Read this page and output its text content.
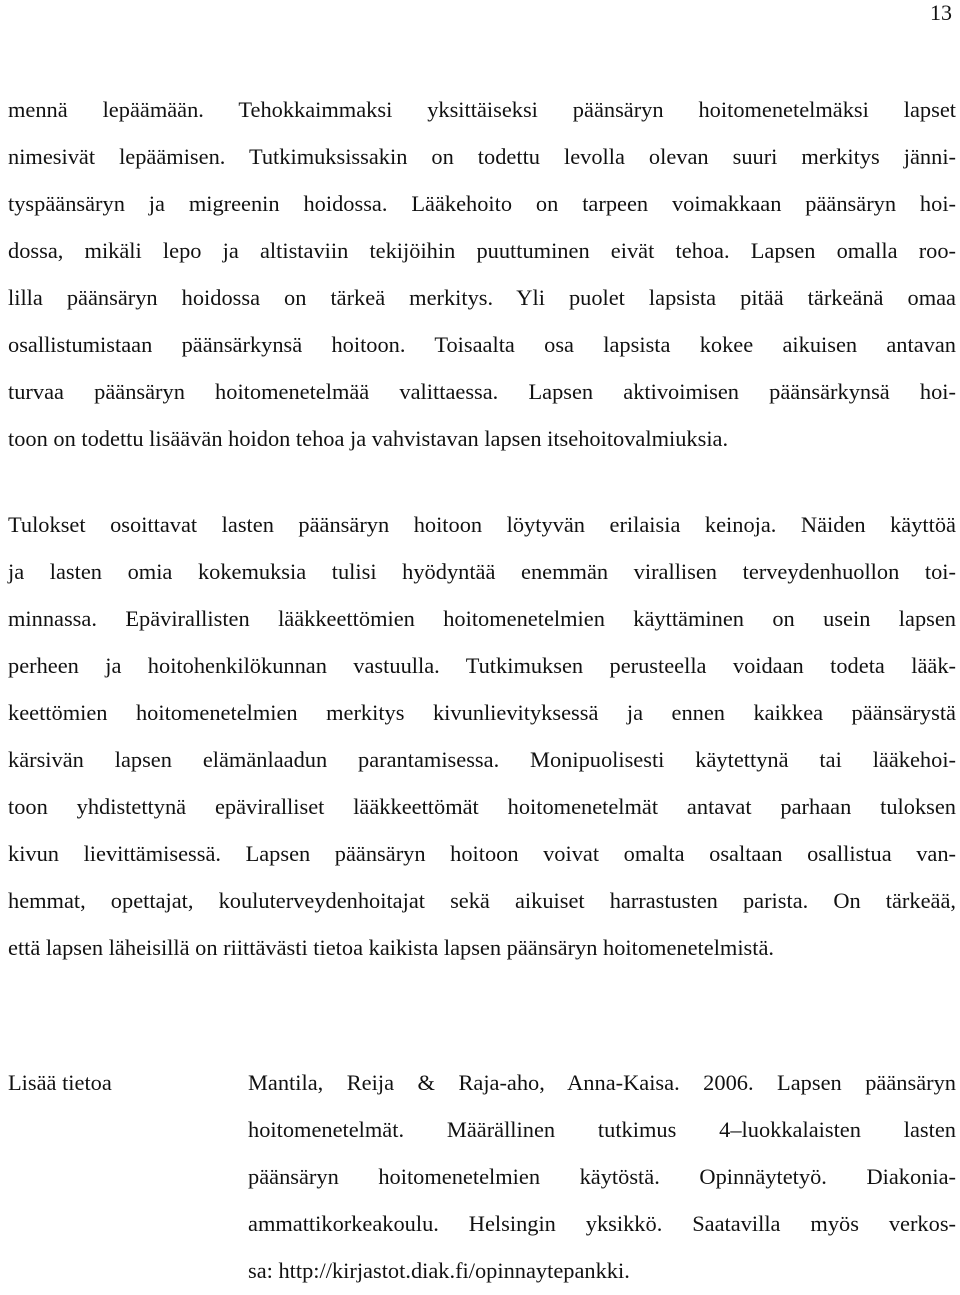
13
mennä lepäämään. Tehokkaimmaksi yksittäiseksi päänsäryn hoitomenetelmäksi lapset
nimesivät lepäämisen. Tutkimuksissakin on todettu levolla olevan suuri merkitys jänni-
tyspäänsäryn ja migreenin hoidossa. Lääkehoito on tarpeen voimakkaan päänsäryn hoi-
dossa, mikäli lepo ja altistaviin tekijöihin puuttuminen eivät tehoa. Lapsen omalla roo-
lilla päänsäryn hoidossa on tärkeä merkitys. Yli puolet lapsista pitää tärkeänä omaa
osallistumistaan päänsärkynsä hoitoon. Toisaalta osa lapsista kokee aikuisen antavan
turvaa päänsäryn hoitomenetelmää valittaessa. Lapsen aktivoimisen päänsärkynsä hoi-
toon on todettu lisäävän hoidon tehoa ja vahvistavan lapsen itsehoitovalmiuksia.
Tulokset osoittavat lasten päänsäryn hoitoon löytyvän erilaisia keinoja. Näiden käyttöä
ja lasten omia kokemuksia tulisi hyödyntää enemmän virallisen terveydenhuollon toi-
minnassa. Epävirallisten lääkkeettömien hoitomenetelmien käyttäminen on usein lapsen
perheen ja hoitohenkilökunnan vastuulla. Tutkimuksen perusteella voidaan todeta lääk-
keettömien hoitomenetelmien merkitys kivunlievityksessä ja ennen kaikkea päänsärystä
kärsivän lapsen elämänlaadun parantamisessa. Monipuolisesti käytettynä tai lääkehoi-
toon yhdistettynä epäviralliset lääkkeettömät hoitomenetelmät antavat parhaan tuloksen
kivun lievittämisessä. Lapsen päänsäryn hoitoon voivat omalta osaltaan osallistua van-
hemmat, opettajat, kouluterveydenhoitajat sekä aikuiset harrastusten parista. On tärkeää,
että lapsen läheisillä on riittävästi tietoa kaikista lapsen päänsäryn hoitomenetelmistä.
Lisää tietoa	Mantila, Reija & Raja-aho, Anna-Kaisa. 2006. Lapsen päänsäryn
hoitomenetelmät. Määrällinen tutkimus 4–luokkalaisten lasten
päänsäryn hoitomenetelmien käytöstä. Opinnäytetyö. Diakonia-
ammattikorkeakoulu. Helsingin yksikkö. Saatavilla myös verkos-
sa: http://kirjastot.diak.fi/opinnaytepankki.
